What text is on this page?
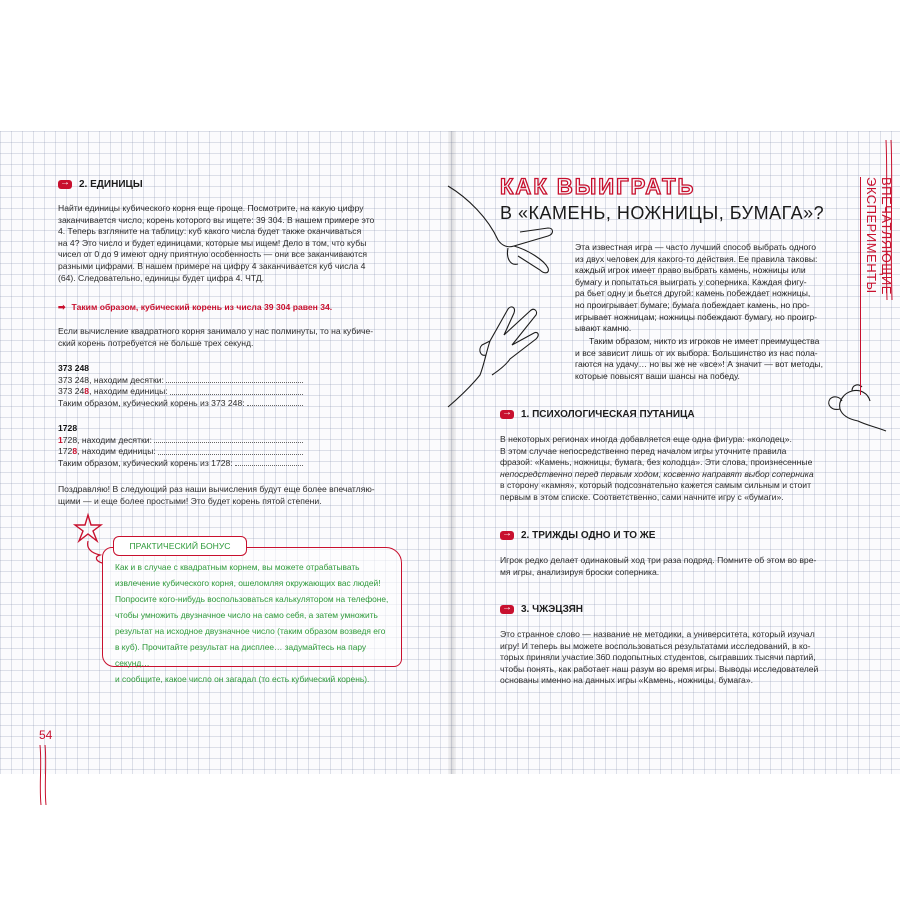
→
2. ЕДИНИЦЫ
Найти единицы кубического корня еще проще. Посмотрите, на какую цифру
заканчивается число, корень которого вы ищете: 39 304. В нашем примере это
4. Теперь взгляните на таблицу: куб какого числа будет также оканчиваться
на 4? Это число и будет единицами, которые мы ищем! Дело в том, что кубы
чисел от 0 до 9 имеют одну приятную особенность — они все заканчиваются
разными цифрами. В нашем примере на цифру 4 заканчивается куб числа 4
(64). Следовательно, единицы будет цифра 4. ЧТД.
➡ Таким образом, кубический корень из числа 39 304 равен 34.
Если вычисление квадратного корня занимало у нас полминуты, то на кубиче-
ский корень потребуется не больше трех секунд.
373 248
373 248, находим десятки:
373 24 8 , находим единицы:
Таким образом, кубический корень из 373 248:
1728
1 728, находим десятки:
172 8 , находим единицы:
Таким образом, кубический корень из 1728:
Поздравляю! В следующий раз наши вычисления будут еще более впечатляю-
щими — и еще более простыми! Это будет корень пятой степени.
ПРАКТИЧЕСКИЙ БОНУС
Как и в случае с квадратным корнем, вы можете отрабатывать
извлечение кубического корня, ошеломляя окружающих вас людей!
Попросите кого-нибудь воспользоваться калькулятором на телефоне,
чтобы умножить двузначное число на само себя, а затем умножить
результат на исходное двузначное число (таким образом возведя его
в куб). Прочитайте результат на дисплее… задумайтесь на пару секунд…
и сообщите, какое число он загадал (то есть кубический корень).
54
ВПЕЧАТЛЯЮЩИЕ ЭКСПЕРИМЕНТЫ
КАК ВЫИГРАТЬ
В «КАМЕНЬ, НОЖНИЦЫ, БУМАГА»?
Эта известная игра — часто лучший способ выбрать одного
из двух человек для какого-то действия. Ее правила таковы:
каждый игрок имеет право выбрать камень, ножницы или
бумагу и попытаться выиграть у соперника. Каждая фигу-
ра бьет одну и бьется другой: камень побеждает ножницы,
но проигрывает бумаге; бумага побеждает камень, но про-
игрывает ножницам; ножницы побеждают бумагу, но проигр-
ывают камню.
Таким образом, никто из игроков не имеет преимущества
и все зависит лишь от их выбора. Большинство из нас пола-
гаются на удачу… но вы же не «все»! А значит — вот методы,
которые повысят ваши шансы на победу.
→
1. ПСИХОЛОГИЧЕСКАЯ ПУТАНИЦА
В некоторых регионах иногда добавляется еще одна фигура: «колодец».
В этом случае непосредственно перед началом игры уточните правила
фразой: «Камень, ножницы, бумага, без колодца». Эти слова, произнесенные
непосредственно перед первым ходом, косвенно направят выбор соперника
в сторону «камня», который подсознательно кажется самым сильным и стоит
первым в этом списке. Соответственно, сами начните игру с «бумаги».
→
2. ТРИЖДЫ ОДНО И ТО ЖЕ
Игрок редко делает одинаковый ход три раза подряд. Помните об этом во вре-
мя игры, анализируя броски соперника.
→
3. ЧЖЭЦЗЯН
Это странное слово — название не методики, а университета, который изучал
игру! И теперь вы можете воспользоваться результатами исследований, в ко-
торых приняли участие 360 подопытных студентов, сыгравших тысячи партий,
чтобы понять, как работает наш разум во время игры. Выводы исследователей
основаны именно на данных игры «Камень, ножницы, бумага».
